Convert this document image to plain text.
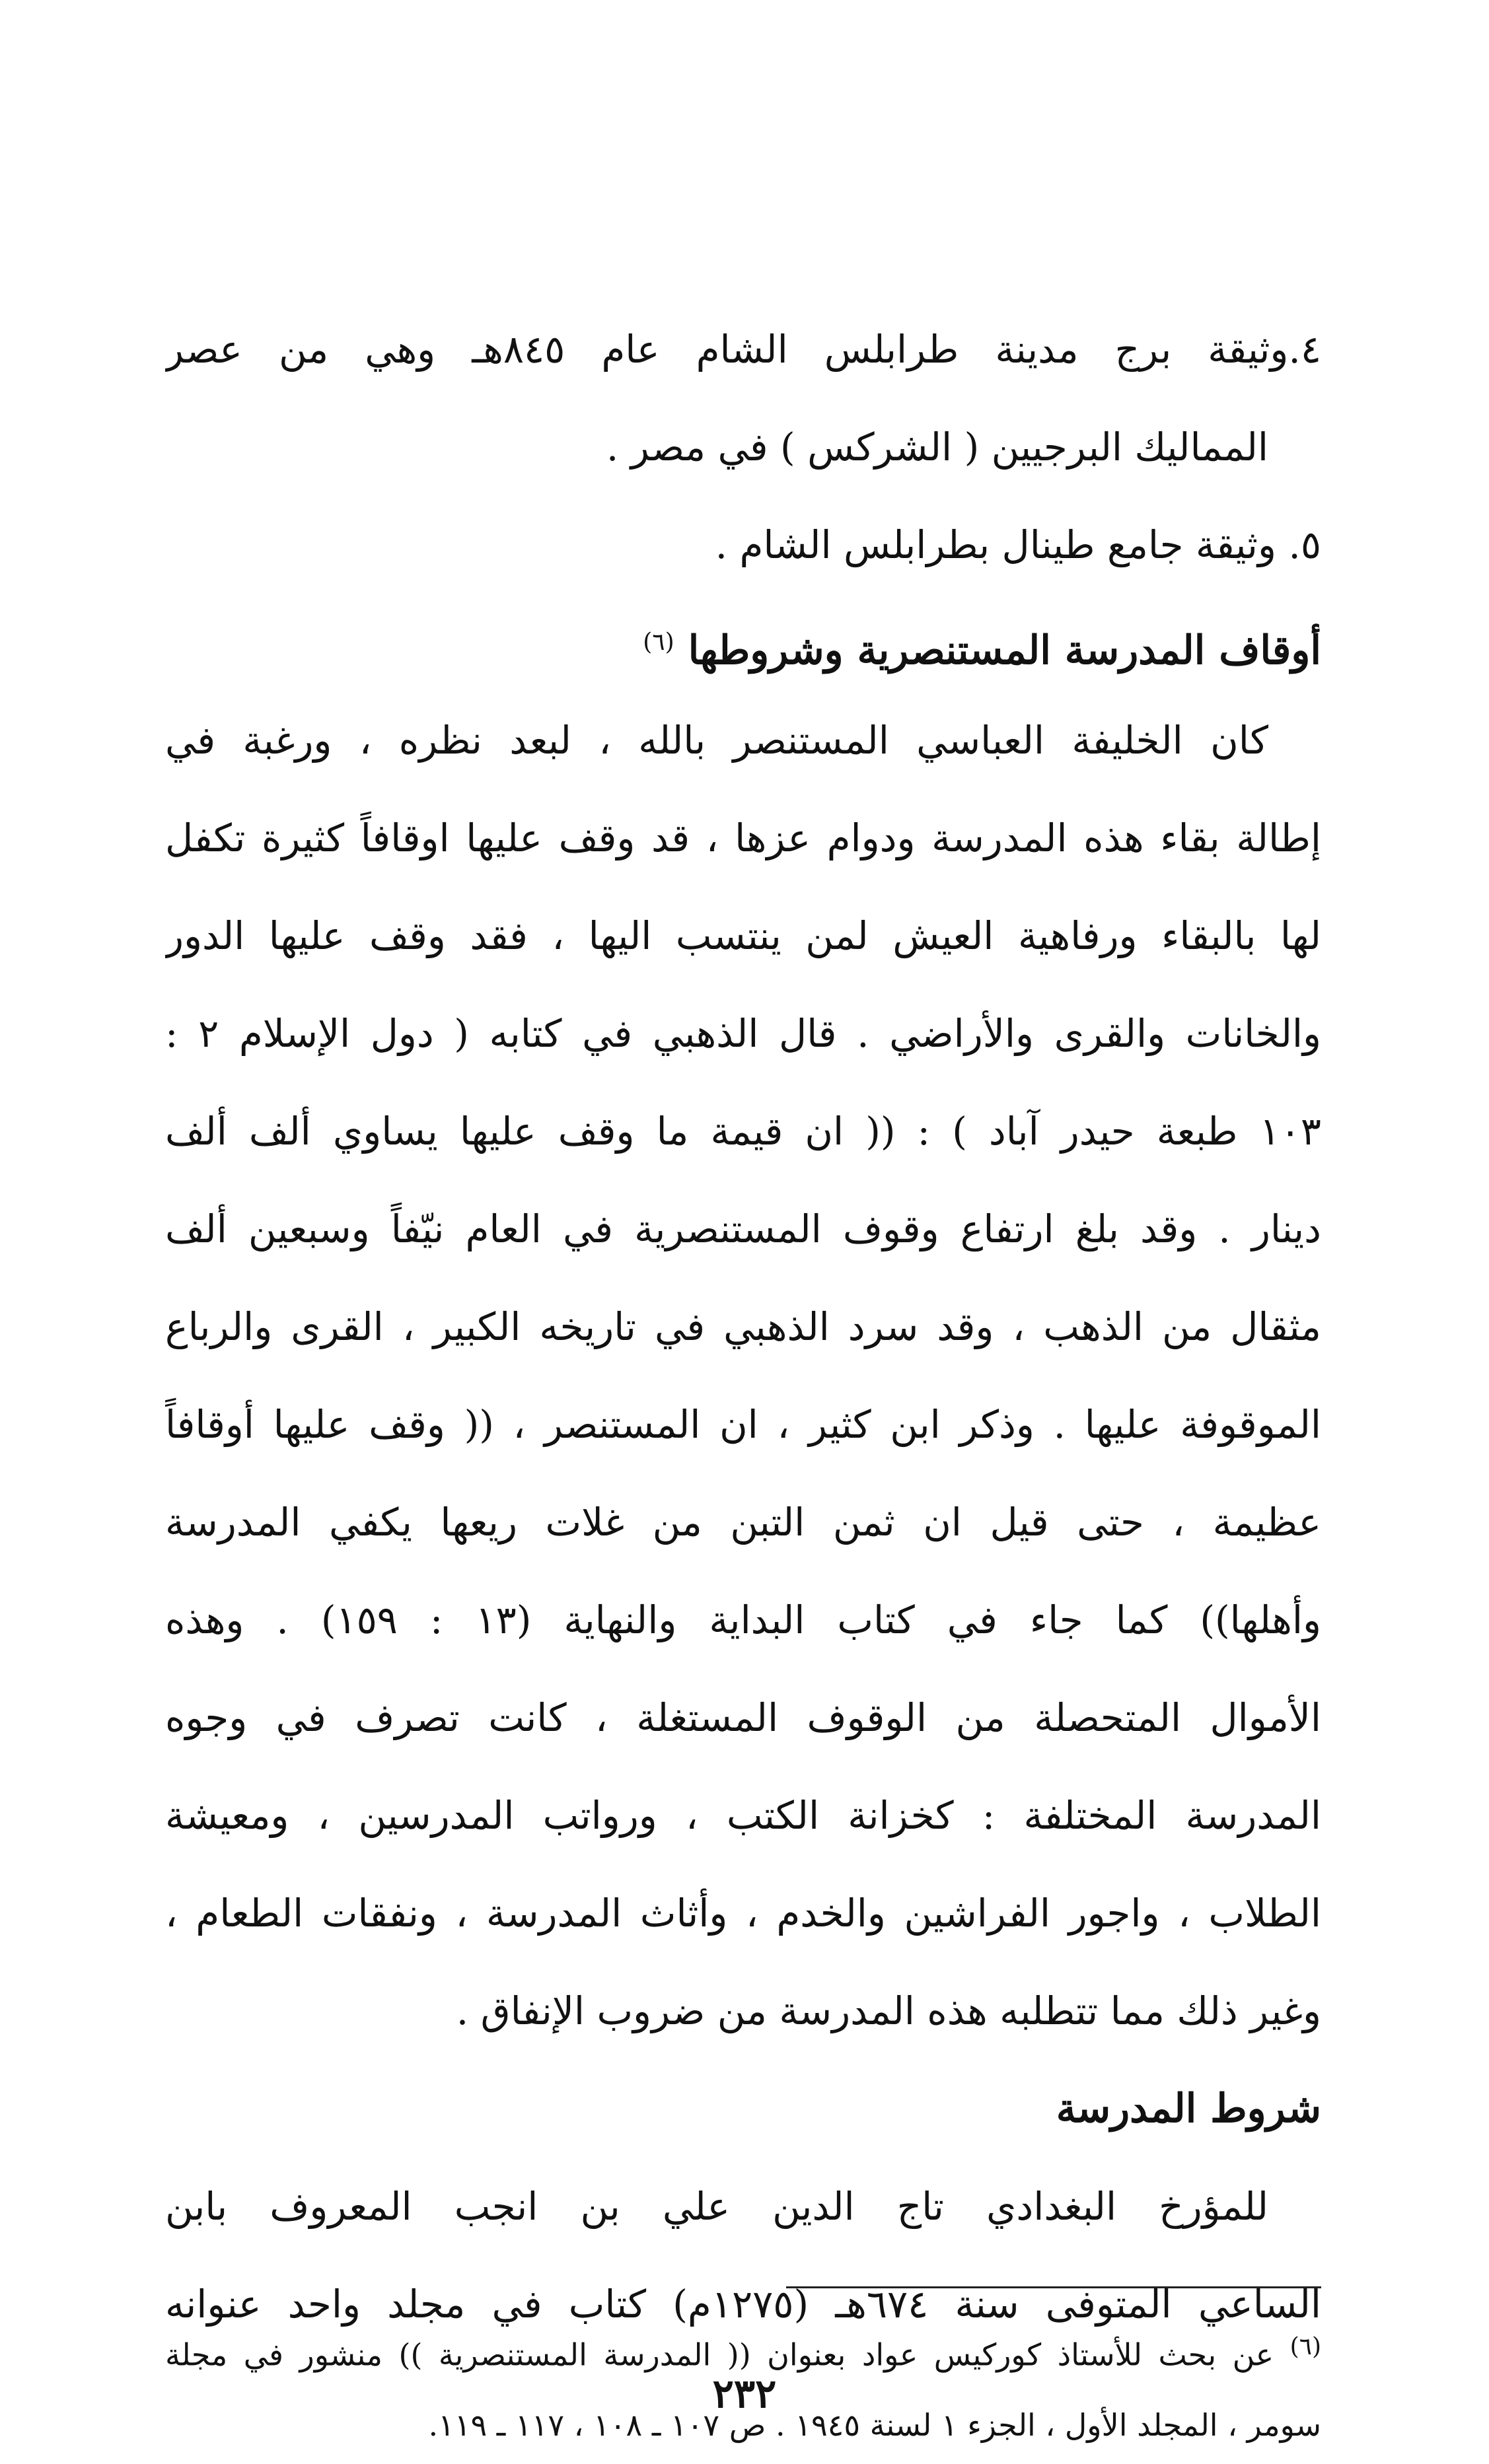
٤.وثيقة برج مدينة طرابلس الشام عام ٨٤٥هـ وهي من عصر
المماليك البرجيين ( الشركس ) في مصر .
٥. وثيقة جامع طينال بطرابلس الشام .
أوقاف المدرسة المستنصرية وشروطها $^{(٦)}$
كان الخليفة العباسي المستنصر بالله ، لبعد نظره ، ورغبة في
إطالة بقاء هذه المدرسة ودوام عزها ، قد وقف عليها اوقافاً كثيرة تكفل
لها بالبقاء ورفاهية العيش لمن ينتسب اليها ، فقد وقف عليها الدور
والخانات والقرى والأراضي . قال الذهبي في كتابه ( دول الإسلام ٢ :
١٠٣ طبعة حيدر آباد ) : (( ان قيمة ما وقف عليها يساوي ألف ألف
دينار . وقد بلغ ارتفاع وقوف المستنصرية في العام نيّفاً وسبعين ألف
مثقال من الذهب ، وقد سرد الذهبي في تاريخه الكبير ، القرى والرباع
الموقوفة عليها . وذكر ابن كثير ، ان المستنصر ، (( وقف عليها أوقافاً
عظيمة ، حتى قيل ان ثمن التبن من غلات ريعها يكفي المدرسة
وأهلها)) كما جاء في كتاب البداية والنهاية (١٣ : ١٥٩) . وهذه
الأموال المتحصلة من الوقوف المستغلة ، كانت تصرف في وجوه
المدرسة المختلفة : كخزانة الكتب ، ورواتب المدرسين ، ومعيشة
الطلاب ، واجور الفراشين والخدم ، وأثاث المدرسة ، ونفقات الطعام ،
وغير ذلك مما تتطلبه هذه المدرسة من ضروب الإنفاق .
شروط المدرسة
للمؤرخ البغدادي تاج الدين علي بن انجب المعروف بابن
الساعي المتوفى سنة ٦٧٤هـ (١٢٧٥م) كتاب في مجلد واحد عنوانه
$^{(٦)}$ عن بحث للأستاذ كوركيس عواد بعنوان (( المدرسة المستنصرية )) منشور في مجلة
سومر ، المجلد الأول ، الجزء ١ لسنة ١٩٤٥ . ص ١٠٧ ـ ١٠٨ ، ١١٧ ـ ١١٩.
٢٣٢
